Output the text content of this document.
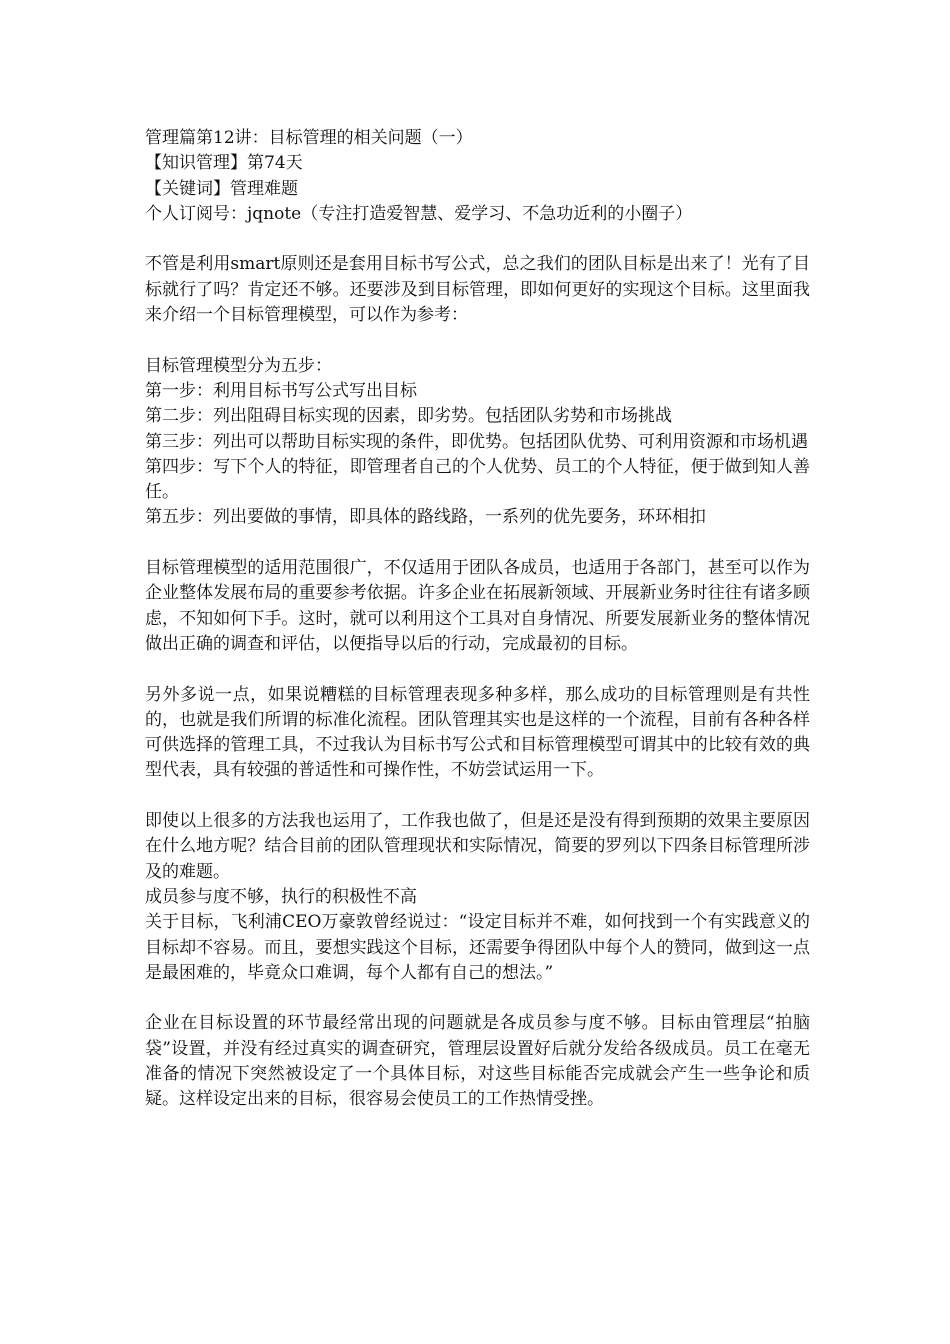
管理篇第12讲：目标管理的相关问题（一）

【知识管理】第74天

【关键词】管理难题

个人订阅号：jqnote（专注打造爱智慧、爱学习、不急功近利的小圈子）

不管是利用smart原则还是套用目标书写公式，总之我们的团队目标是出来了！光有了目标就行了吗？肯定还不够。还要涉及到目标管理，即如何更好的实现这个目标。这里面我来介绍一个目标管理模型，可以作为参考：

目标管理模型分为五步：

第一步：利用目标书写公式写出目标

第二步：列出阻碍目标实现的因素，即劣势。包括团队劣势和市场挑战

第三步：列出可以帮助目标实现的条件，即优势。包括团队优势、可利用资源和市场机遇

第四步：写下个人的特征，即管理者自己的个人优势、员工的个人特征，便于做到知人善任。

第五步：列出要做的事情，即具体的路线路，一系列的优先要务，环环相扣

目标管理模型的适用范围很广，不仅适用于团队各成员，也适用于各部门，甚至可以作为企业整体发展布局的重要参考依据。许多企业在拓展新领域、开展新业务时往往有诸多顾虑，不知如何下手。这时，就可以利用这个工具对自身情况、所要发展新业务的整体情况做出正确的调查和评估，以便指导以后的行动，完成最初的目标。

另外多说一点，如果说糟糕的目标管理表现多种多样，那么成功的目标管理则是有共性的，也就是我们所谓的标准化流程。团队管理其实也是这样的一个流程，目前有各种各样可供选择的管理工具，不过我认为目标书写公式和目标管理模型可谓其中的比较有效的典型代表，具有较强的普适性和可操作性，不妨尝试运用一下。

即使以上很多的方法我也运用了，工作我也做了，但是还是没有得到预期的效果主要原因在什么地方呢？结合目前的团队管理现状和实际情况，简要的罗列以下四条目标管理所涉及的难题。

成员参与度不够，执行的积极性不高

关于目标，飞利浦CEO万豪敦曾经说过：“设定目标并不难，如何找到一个有实践意义的目标却不容易。而且，要想实践这个目标，还需要争得团队中每个人的赞同，做到这一点是最困难的，毕竟众口难调，每个人都有自己的想法。”

企业在目标设置的环节最经常出现的问题就是各成员参与度不够。目标由管理层“拍脑袋”设置，并没有经过真实的调查研究，管理层设置好后就分发给各级成员。员工在毫无准备的情况下突然被设定了一个具体目标，对这些目标能否完成就会产生一些争论和质疑。这样设定出来的目标，很容易会使员工的工作热情受挫。
